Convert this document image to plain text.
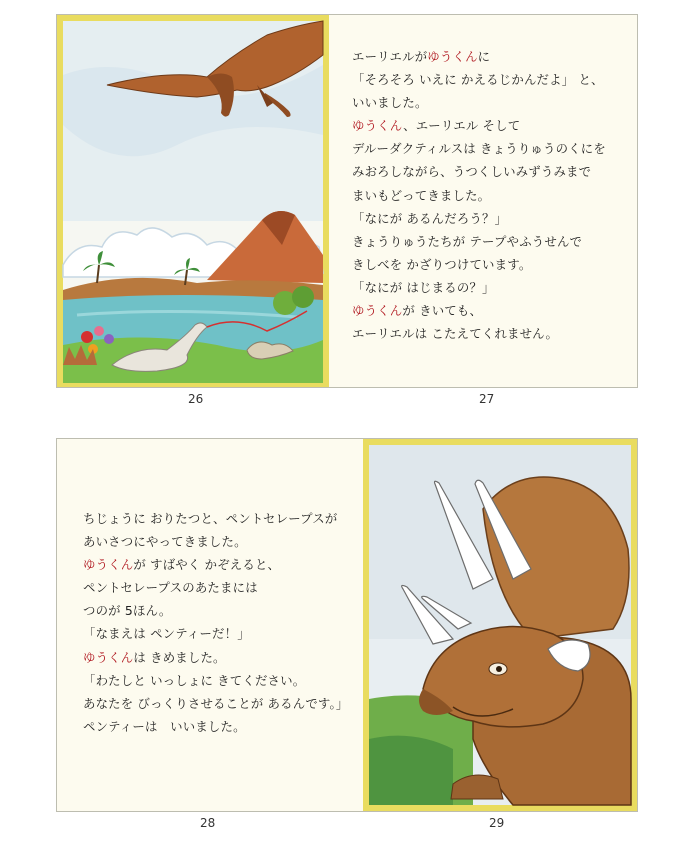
エーリエルがゆうくんに

「そろそろ いえに かえるじかんだよ」 と、

いいました。

ゆうくん、エーリエル そして

デルーダクティルスは きょうりゅうのくにを

みおろしながら、うつくしいみずうみまで

まいもどってきました。

「なにが あるんだろう？」

きょうりゅうたちが テープやふうせんで

きしべを かざりつけています。

「なにが はじまるの？」

ゆうくんが きいても、

エーリエルは こたえてくれません。

26	27

ちじょうに おりたつと、ペントセレープスが

あいさつにやってきました。

ゆうくんが すばやく かぞえると、

ペントセレープスのあたまには

つのが 5ほん。

「なまえは ペンティーだ！」

ゆうくんは きめました。

「わたしと いっしょに きてください。

あなたを びっくりさせることが あるんです。」

ペンティーは　いいました。

28	29
